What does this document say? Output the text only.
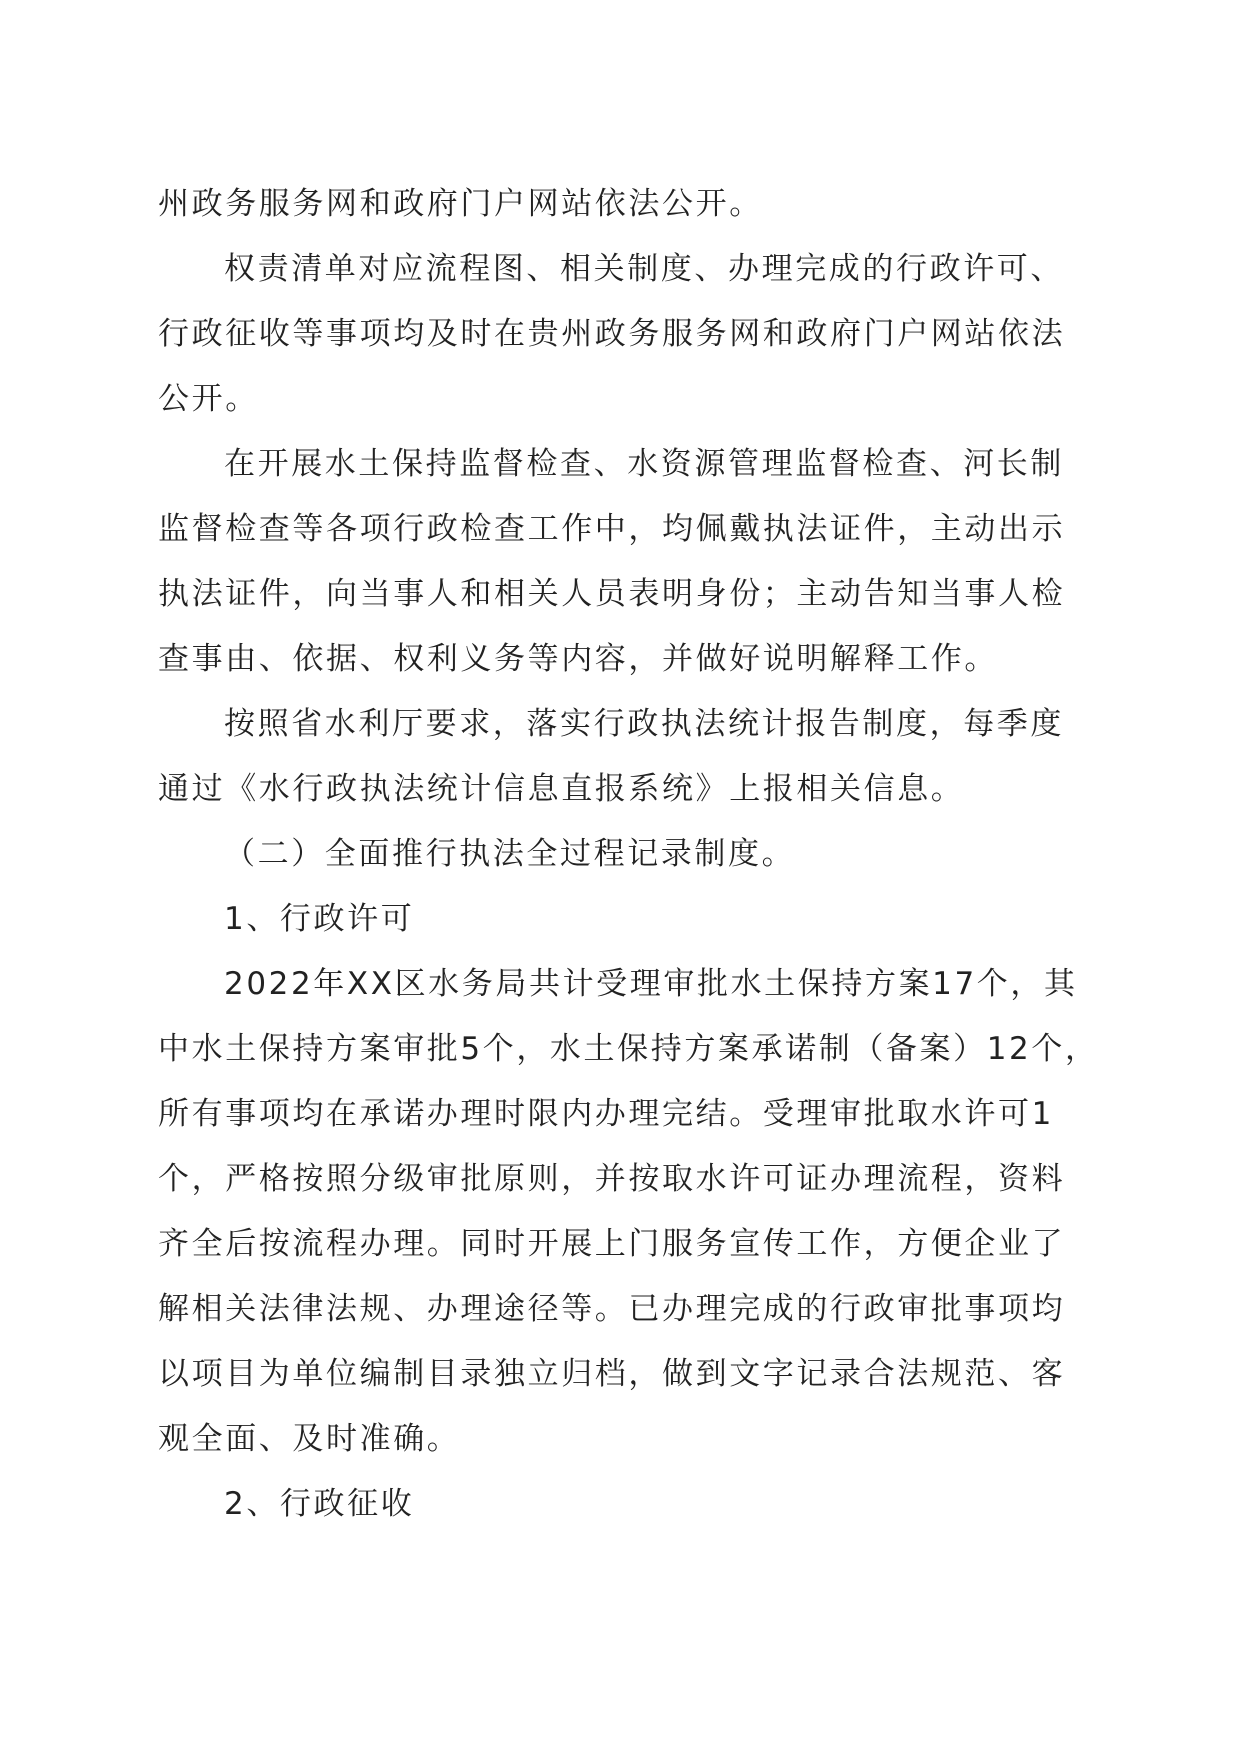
州政务服务网和政府门户网站依法公开。
权责清单对应流程图、相关制度、办理完成的行政许可、
行政征收等事项均及时在贵州政务服务网和政府门户网站依法
公开。
在开展水土保持监督检查、水资源管理监督检查、河长制
监督检查等各项行政检查工作中，均佩戴执法证件，主动出示
执法证件，向当事人和相关人员表明身份；主动告知当事人检
查事由、依据、权利义务等内容，并做好说明解释工作。
按照省水利厅要求，落实行政执法统计报告制度，每季度
通过《水行政执法统计信息直报系统》上报相关信息。
（二）全面推行执法全过程记录制度。
1、行政许可
2022年XX区水务局共计受理审批水土保持方案17个，其
中水土保持方案审批5个，水土保持方案承诺制（备案）12个，
所有事项均在承诺办理时限内办理完结。受理审批取水许可1
个，严格按照分级审批原则，并按取水许可证办理流程，资料
齐全后按流程办理。同时开展上门服务宣传工作，方便企业了
解相关法律法规、办理途径等。已办理完成的行政审批事项均
以项目为单位编制目录独立归档，做到文字记录合法规范、客
观全面、及时准确。
2、行政征收
